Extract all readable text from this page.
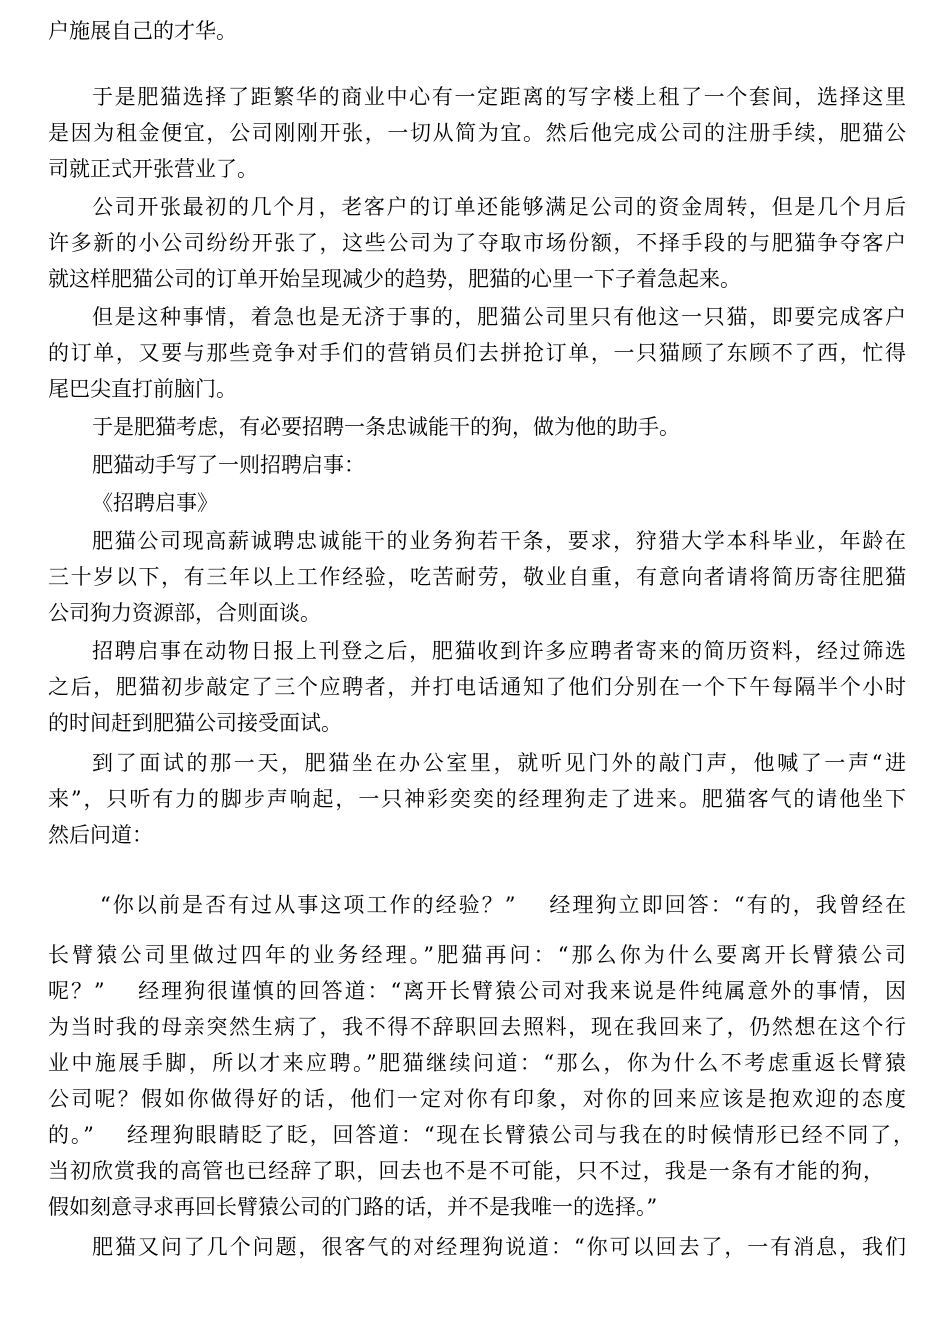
户施展自己的才华。
于是肥猫选择了距繁华的商业中心有一定距离的写字楼上租了一个套间，选择这里
是因为租金便宜，公司刚刚开张，一切从简为宜。然后他完成公司的注册手续，肥猫公
司就正式开张营业了。
公司开张最初的几个月，老客户的订单还能够满足公司的资金周转，但是几个月后
许多新的小公司纷纷开张了，这些公司为了夺取市场份额，不择手段的与肥猫争夺客户
就这样肥猫公司的订单开始呈现减少的趋势，肥猫的心里一下子着急起来。
但是这种事情，着急也是无济于事的，肥猫公司里只有他这一只猫，即要完成客户
的订单，又要与那些竞争对手们的营销员们去拼抢订单，一只猫顾了东顾不了西，忙得
尾巴尖直打前脑门。
于是肥猫考虑，有必要招聘一条忠诚能干的狗，做为他的助手。
肥猫动手写了一则招聘启事：
《招聘启事》
肥猫公司现高薪诚聘忠诚能干的业务狗若干条，要求，狩猎大学本科毕业，年龄在
三十岁以下，有三年以上工作经验，吃苦耐劳，敬业自重，有意向者请将简历寄往肥猫
公司狗力资源部，合则面谈。
招聘启事在动物日报上刊登之后，肥猫收到许多应聘者寄来的简历资料，经过筛选
之后，肥猫初步敲定了三个应聘者，并打电话通知了他们分别在一个下午每隔半个小时
的时间赶到肥猫公司接受面试。
到了面试的那一天，肥猫坐在办公室里，就听见门外的敲门声，他喊了一声“进
来”，只听有力的脚步声响起，一只神彩奕奕的经理狗走了进来。肥猫客气的请他坐下
然后问道：
“你以前是否有过从事这项工作的经验？”　 经理狗立即回答：“有的，我曾经在
长臂猿公司里做过四年的业务经理。”肥猫再问：“那么你为什么要离开长臂猿公司
呢？”　 经理狗很谨慎的回答道：“离开长臂猿公司对我来说是件纯属意外的事情，因
为当时我的母亲突然生病了，我不得不辞职回去照料，现在我回来了，仍然想在这个行
业中施展手脚，所以才来应聘。”肥猫继续问道：“那么，你为什么不考虑重返长臂猿
公司呢？假如你做得好的话，他们一定对你有印象，对你的回来应该是抱欢迎的态度
的。”　 经理狗眼睛眨了眨，回答道：“现在长臂猿公司与我在的时候情形已经不同了，
当初欣赏我的高管也已经辞了职，回去也不是不可能，只不过，我是一条有才能的狗，
假如刻意寻求再回长臂猿公司的门路的话，并不是我唯一的选择。”
肥猫又问了几个问题，很客气的对经理狗说道：“你可以回去了，一有消息，我们
